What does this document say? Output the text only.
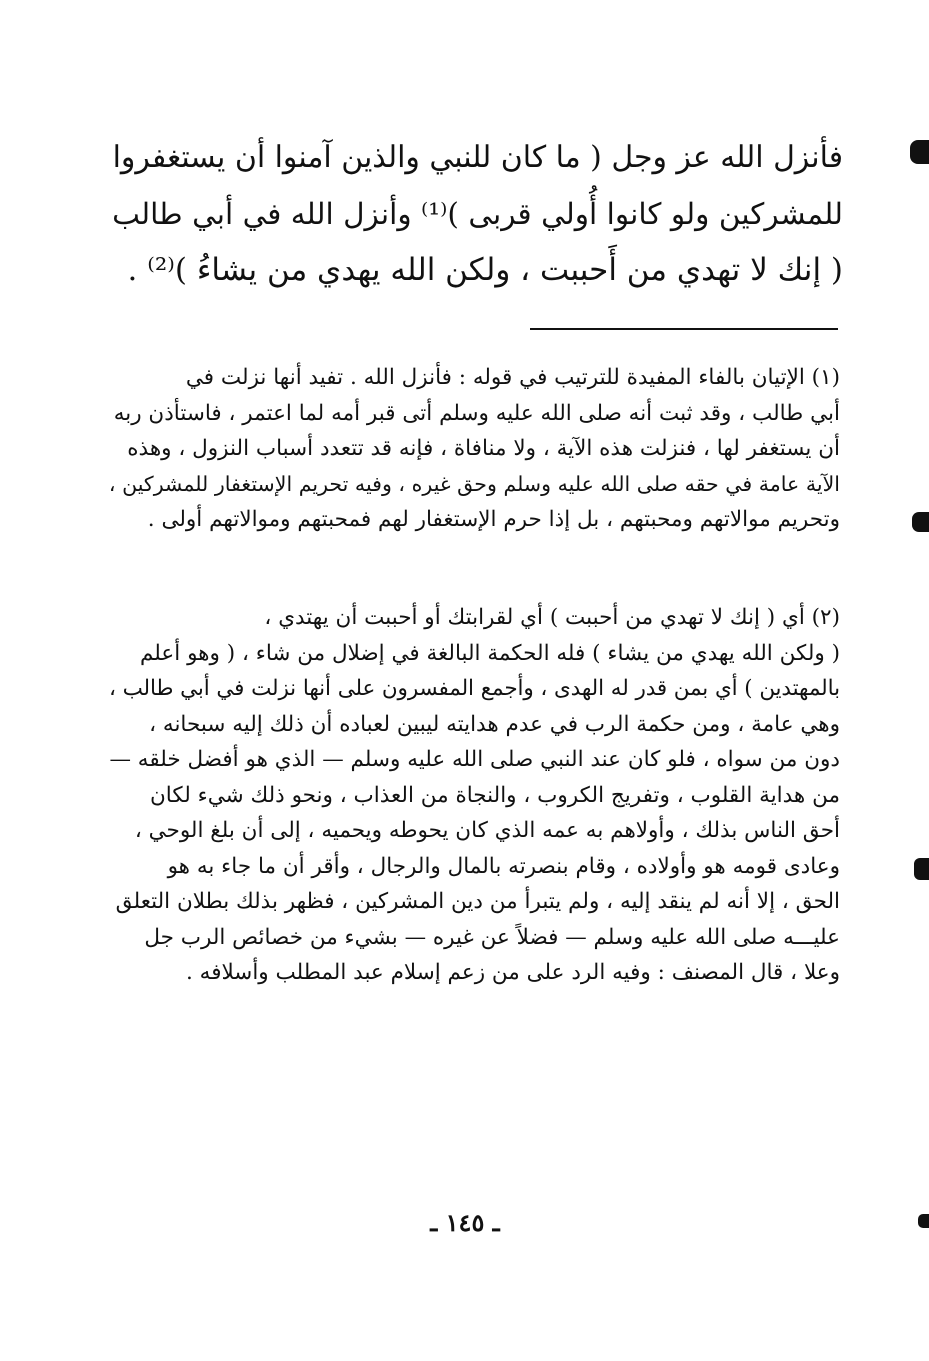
فأنزل الله عز وجل ( ما كان للنبي والذين آمنوا أن يستغفروا
للمشركين ولو كانوا أُولي قربى )⁽¹⁾ وأنزل الله في أبي طالب
( إنك لا تهدي من أَحببت ، ولكن الله يهدي من يشاءُ )⁽²⁾ .
(١) الإتيان بالفاء المفيدة للترتيب في قوله : فأنزل الله . تفيد أنها نزلت في
أبي طالب ، وقد ثبت أنه صلى الله عليه وسلم أتى قبر أمه لما اعتمر ، فاستأذن ربه
أن يستغفر لها ، فنزلت هذه الآية ، ولا منافاة ، فإنه قد تتعدد أسباب النزول ، وهذه
الآية عامة في حقه صلى الله عليه وسلم وحق غيره ، وفيه تحريم الإستغفار للمشركين ،
وتحريم موالاتهم ومحبتهم ، بل إذا حرم الإستغفار لهم فمحبتهم وموالاتهم أولى .
(٢) أي ( إنك لا تهدي من أحببت ) أي لقرابتك أو أحببت أن يهتدي ،
( ولكن الله يهدي من يشاء ) فله الحكمة البالغة في إضلال من شاء ، ( وهو أعلم
بالمهتدين ) أي بمن قدر له الهدى ، وأجمع المفسرون على أنها نزلت في أبي طالب ،
وهي عامة ، ومن حكمة الرب في عدم هدايته ليبين لعباده أن ذلك إليه سبحانه ،
دون من سواه ، فلو كان عند النبي صلى الله عليه وسلم — الذي هو أفضل خلقه —
من هداية القلوب ، وتفريج الكروب ، والنجاة من العذاب ، ونحو ذلك شيء لكان
أحق الناس بذلك ، وأولاهم به عمه الذي كان يحوطه ويحميه ، إلى أن بلغ الوحي ،
وعادى قومه هو وأولاده ، وقام بنصرته بالمال والرجال ، وأقر أن ما جاء به هو
الحق ، إلا أنه لم ينقد إليه ، ولم يتبرأ من دين المشركين ، فظهر بذلك بطلان التعلق
عليـــه صلى الله عليه وسلم — فضلاً عن غيره — بشيء من خصائص الرب جل
وعلا ، قال المصنف : وفيه الرد على من زعم إسلام عبد المطلب وأسلافه .
ـ ١٤٥ ـ
